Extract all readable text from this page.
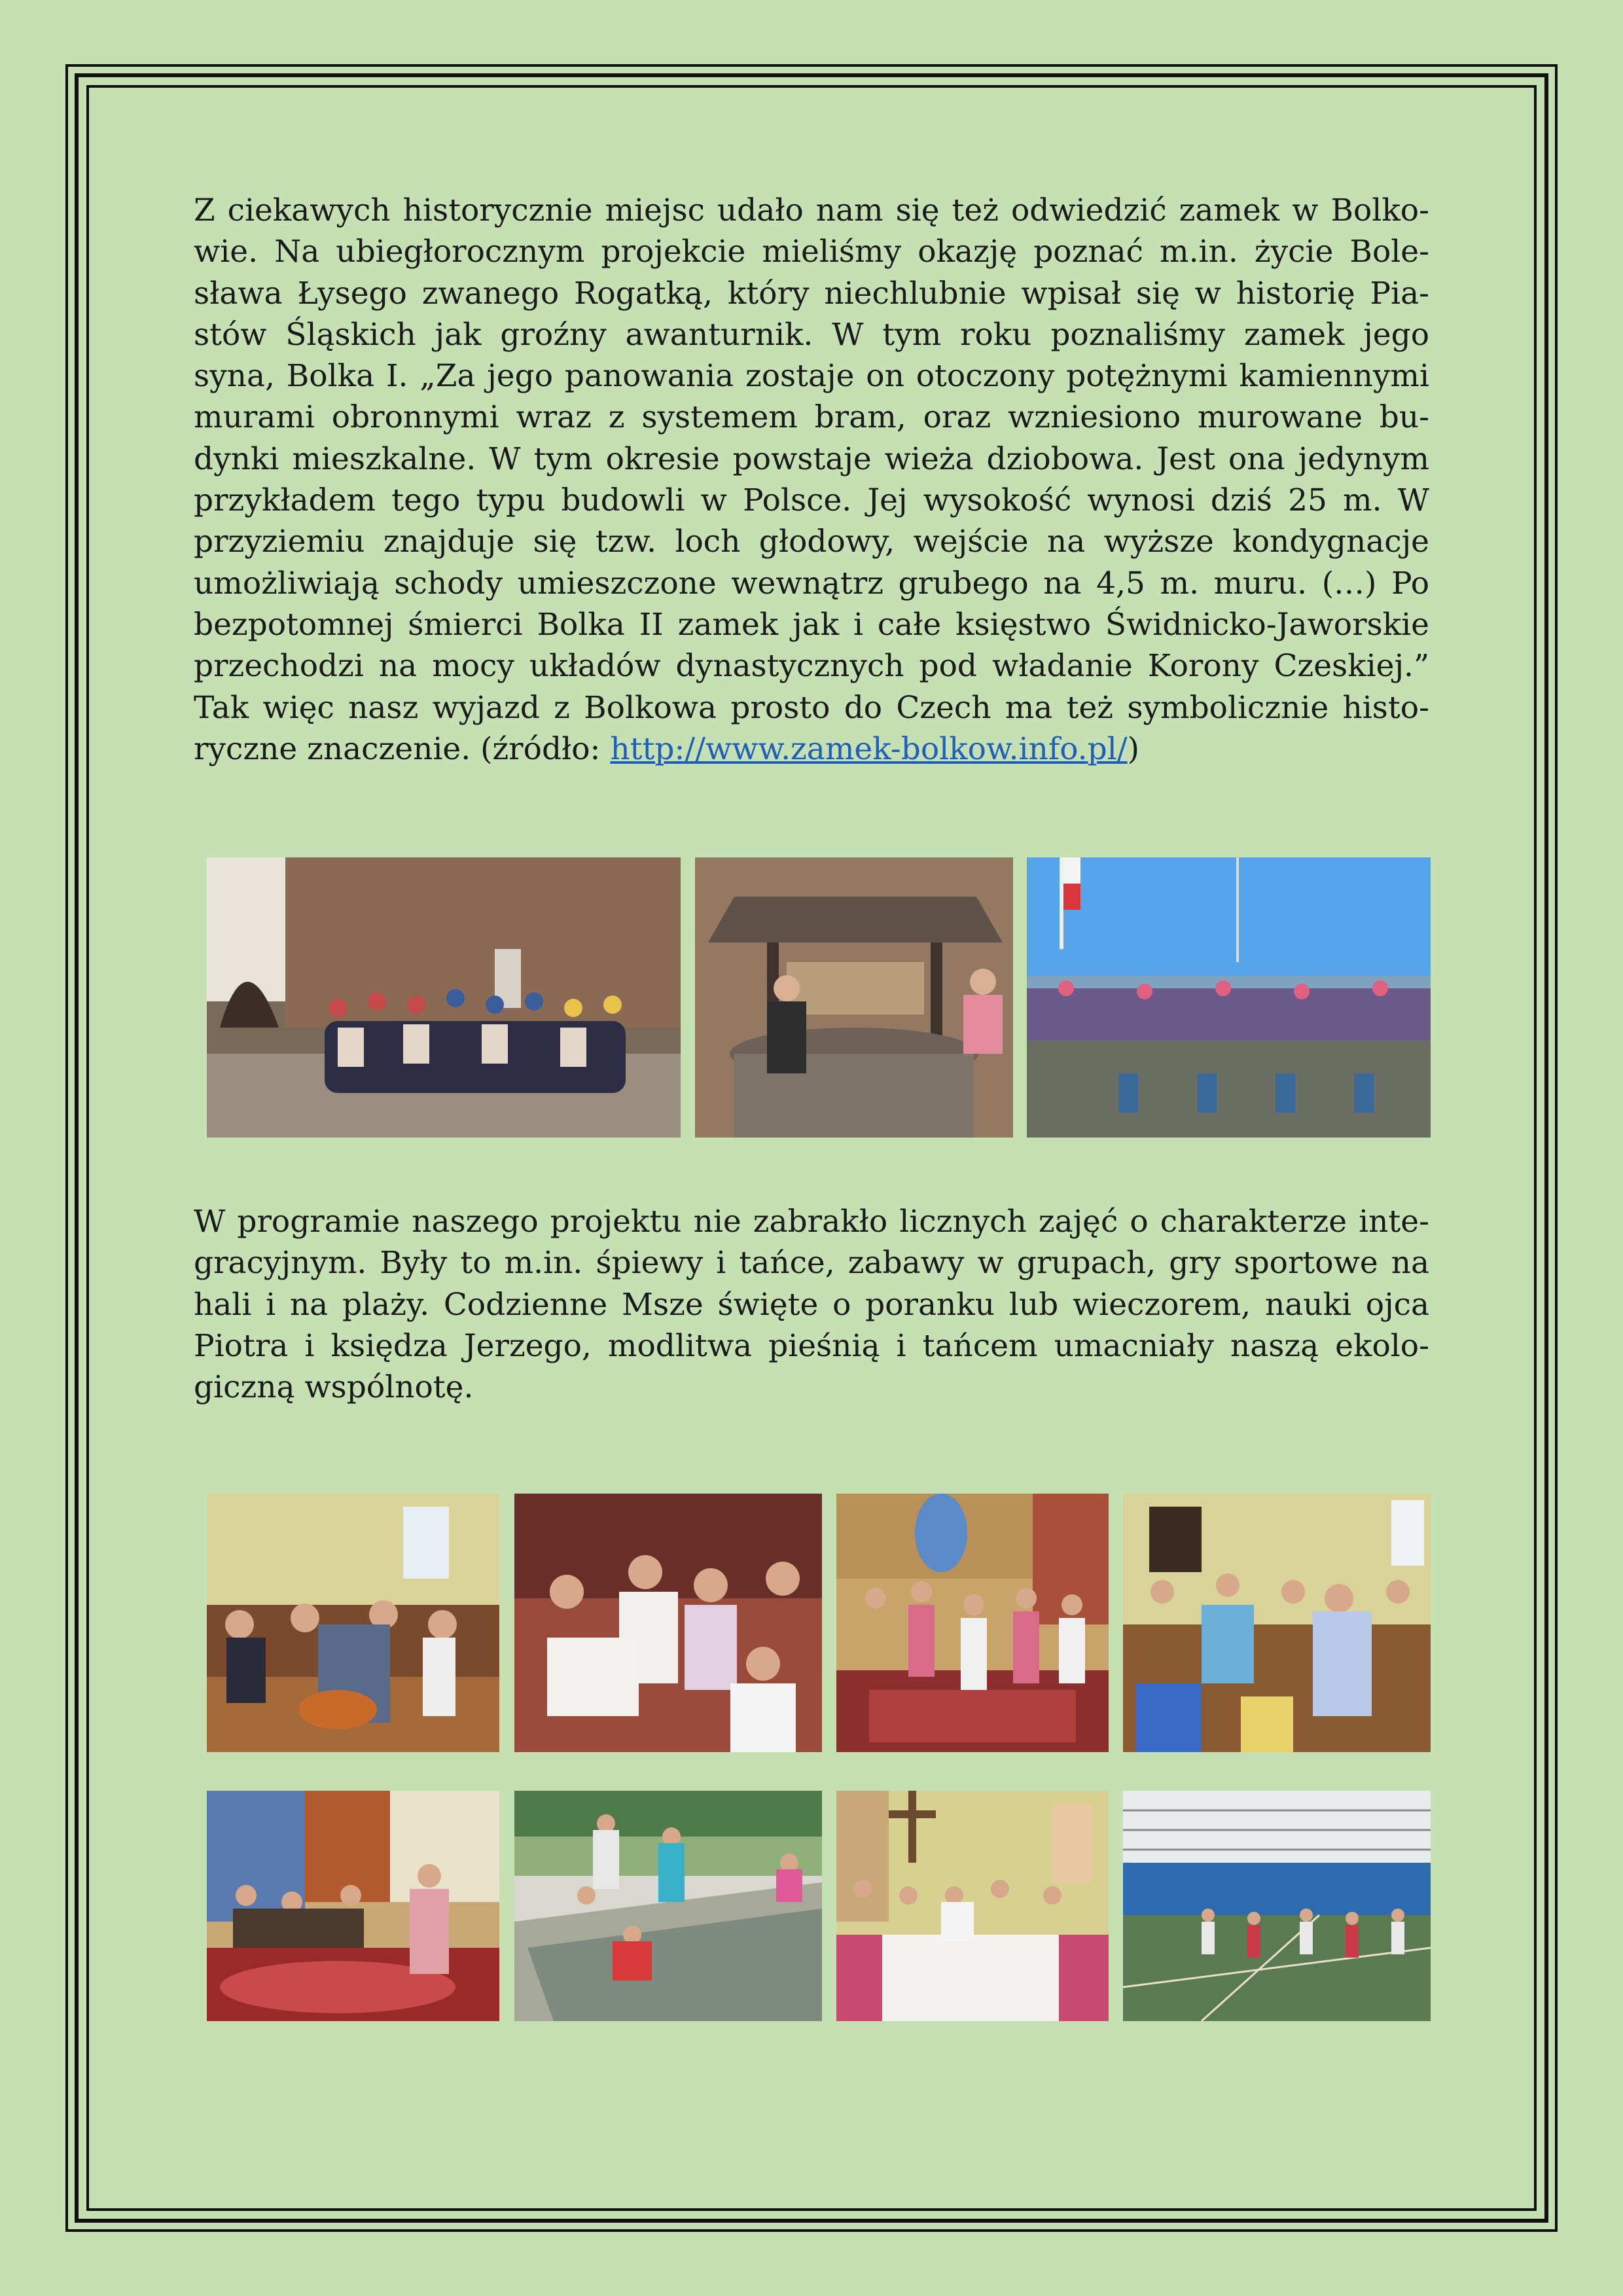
Z ciekawych historycznie miejsc udało nam się też odwiedzić zamek w Bolkowie. Na ubiegłorocznym projekcie mieliśmy okazję poznać m.in. życie Bolesława Łysego zwanego Rogatką, który niechlubnie wpisał się w historię Piastów Śląskich jak groźny awanturnik. W tym roku poznaliśmy zamek jego syna, Bolka I. „Za jego panowania zostaje on otoczony potężnymi kamiennymi murami obronnymi wraz z systemem bram, oraz wzniesiono murowane budynki mieszkalne. W tym okresie powstaje wieża dziobowa. Jest ona jedynym przykładem tego typu budowli w Polsce. Jej wysokość wynosi dziś 25 m. W przyziemiu znajduje się tzw. loch głodowy, wejście na wyższe kondygnacje umożliwiają schody umieszczone wewnątrz grubego na 4,5 m. muru. (…) Po bezpotomnej śmierci Bolka II zamek jak i całe księstwo Świdnicko-Jaworskie przechodzi na mocy układów dynastycznych pod władanie Korony Czeskiej.” Tak więc nasz wyjazd z Bolkowa prosto do Czech ma też symbolicznie historyczne znaczenie. (źródło: http://www.zamek-bolkow.info.pl/)
W programie naszego projektu nie zabrakło licznych zajęć o charakterze integracyjnym. Były to m.in. śpiewy i tańce, zabawy w grupach, gry sportowe na hali i na plaży. Codzienne Msze święte o poranku lub wieczorem, nauki ojca Piotra i księdza Jerzego, modlitwa pieśnią i tańcem umacniały naszą ekologiczną wspólnotę.
